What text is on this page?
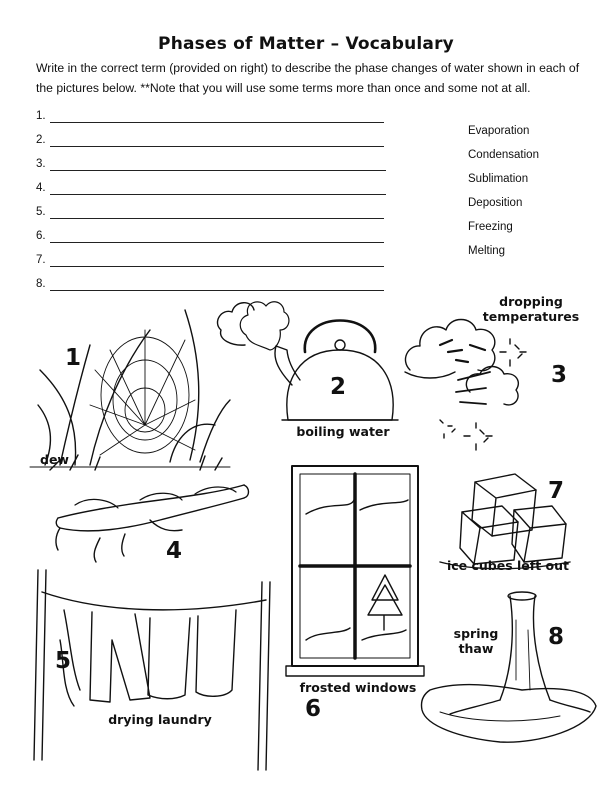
Phases of Matter – Vocabulary
Write in the correct term (provided on right) to describe the phase changes of water shown in each of the pictures below. **Note that you will use some terms more than once and some not at all.
1.
2.
3.
4.
5.
6.
7.
8.
Evaporation
Condensation
Sublimation
Deposition
Freezing
Melting
1
2	3
4
5
6
7
8
dew
boiling water
dropping temperatures
drying laundry
frosted windows
ice cubes left out
spring thaw
